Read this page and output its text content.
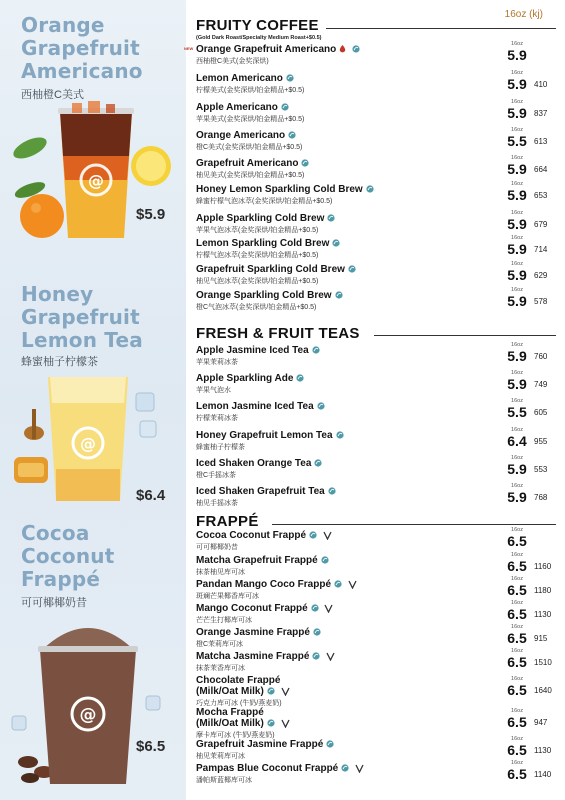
Orange
Grapefruit
Americano
西柚橙C美式
@
$5.9
Honey
Grapefruit
Lemon Tea
蜂蜜柚子柠檬茶
@
$6.4
Cocoa
Coconut
Frappé
可可椰椰奶昔
@
$6.5
16oz (kj)
FRUITY COFFEE
(Gold Dark Roast/Specialty Medium Roast+$0.5)
NEW Orange Grapefruit Americano
西柚橙C美式(金奖深烘)
16oz
5.9
Lemon Americano
柠檬美式(金奖深烘/铂金精品+$0.5)
16oz
5.9 410
Apple Americano
苹果美式(金奖深烘/铂金精品+$0.5)
16oz
5.9 837
Orange Americano
橙C美式(金奖深烘/铂金精品+$0.5)
16oz
5.5 613
Grapefruit Americano
柚见美式(金奖深烘/铂金精品+$0.5)
16oz
5.9 664
Honey Lemon Sparkling Cold Brew
蜂蜜柠檬气泡冰萃(金奖深烘/铂金精品+$0.5)
16oz
5.9 653
Apple Sparkling Cold Brew
苹果气泡冰萃(金奖深烘/铂金精品+$0.5)
16oz
5.9 679
Lemon Sparkling Cold Brew
柠檬气泡冰萃(金奖深烘/铂金精品+$0.5)
16oz
5.9 714
Grapefruit Sparkling Cold Brew
柚见气泡冰萃(金奖深烘/铂金精品+$0.5)
16oz
5.9 629
Orange Sparkling Cold Brew
橙C气泡冰萃(金奖深烘/铂金精品+$0.5)
16oz
5.9 578
FRESH & FRUIT TEAS
Apple Jasmine Iced Tea
苹果茉莉冰茶
16oz
5.9 760
Apple Sparkling Ade
苹果气泡水
16oz
5.9 749
Lemon Jasmine Iced Tea
柠檬茉莉冰茶
16oz
5.5 605
Honey Grapefruit Lemon Tea
蜂蜜柚子柠檬茶
16oz
6.4 955
Iced Shaken Orange Tea
橙C手摇冰茶
16oz
5.9 553
Iced Shaken Grapefruit Tea
柚见手摇冰茶
16oz
5.9 768
FRAPPÉ
Cocoa Coconut Frappé
可可椰椰奶昔
16oz
6.5
Matcha Grapefruit Frappé
抹茶柚见库可冰
16oz
6.5 1160
Pandan Mango Coco Frappé
斑斓芒果椰香库可冰
16oz
6.5 1180
Mango Coconut Frappé
芒芒生打椰库可冰
16oz
6.5 1130
Orange Jasmine Frappé
橙C茉莉库可冰
16oz
6.5 915
Matcha Jasmine Frappé
抹茶茉香库可冰
16oz
6.5 1510
Chocolate Frappé
(Milk/Oat Milk)
巧克力库可冰 (牛奶/燕麦奶)
16oz
6.5 1640
Mocha Frappé
(Milk/Oat Milk)
摩卡库可冰 (牛奶/燕麦奶)
16oz
6.5 947
Grapefruit Jasmine Frappé
柚见茉莉库可冰
16oz
6.5 1130
Pampas Blue Coconut Frappé
潘帕斯蓝椰库可冰
16oz
6.5 1140
